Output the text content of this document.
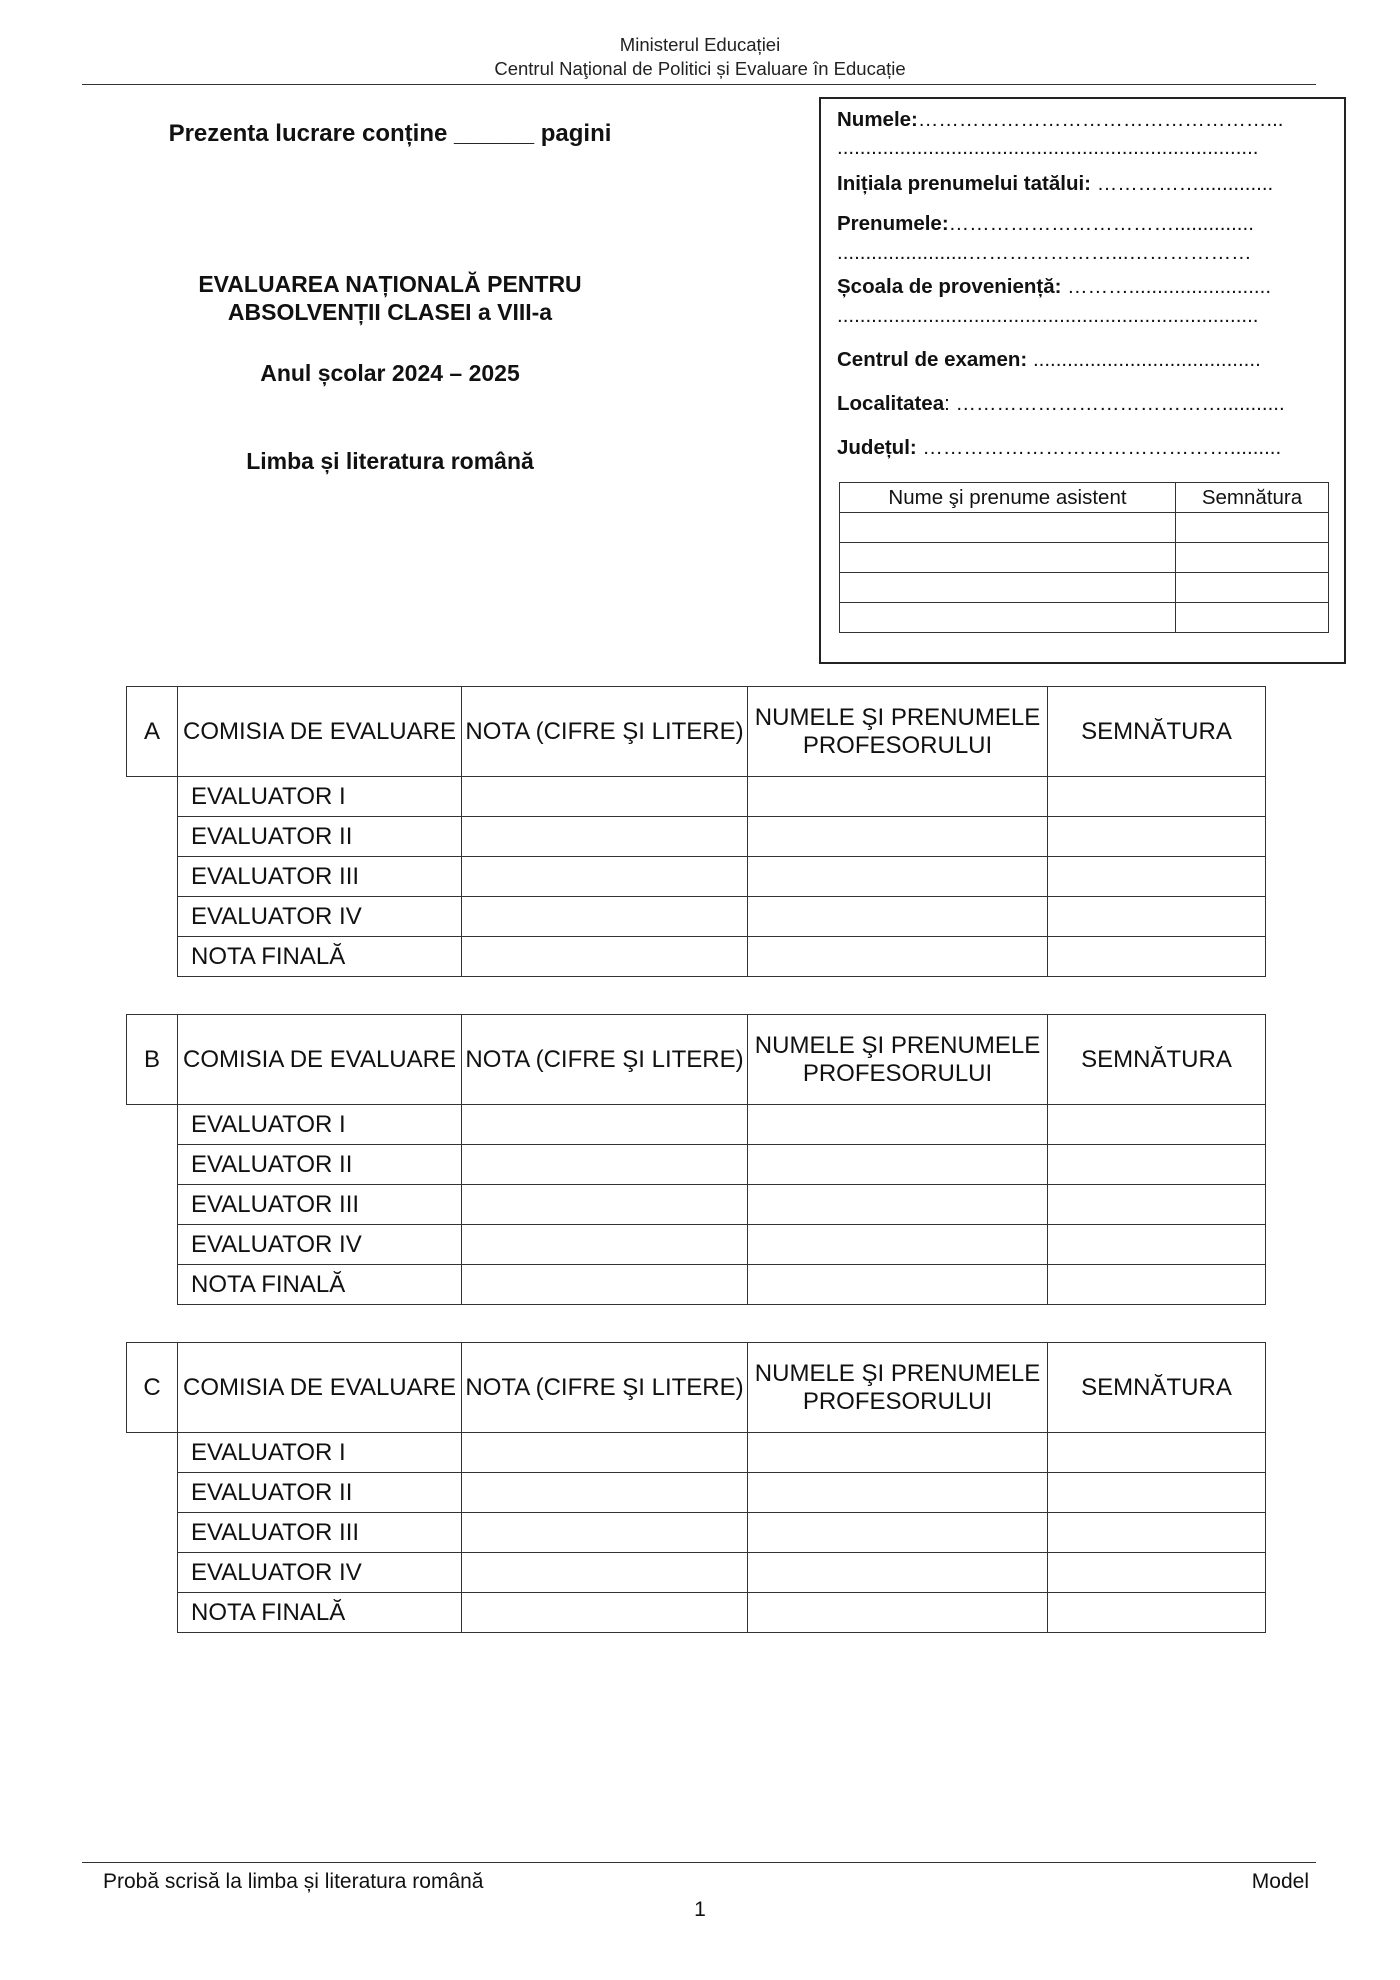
Ministerul Educației
Centrul Naţional de Politici și Evaluare în Educație
Prezenta lucrare conține ______ pagini
EVALUAREA NAȚIONALĂ PENTRU
ABSOLVENȚII CLASEI a VIII-a
Anul școlar 2024 – 2025
Limba și literatura română
Numele:……………………………………………...
..........................................................................
Inițiala prenumelui tatălui: …………….............
Prenumele:……………………………..............
.......................…………………...………………
Școala de proveniență: ……….........................
..........................................................................
Centrul de examen: ........................................
Localitatea: …………………………………...........
Județul: ……………………………………….........
Nume şi prenume asistent	Semnătura

A	COMISIA DE EVALUARE	NOTA (CIFRE ŞI LITERE)	NUMELE ŞI PRENUMELE PROFESORULUI	SEMNĂTURA
	EVALUATOR I			
	EVALUATOR II			
	EVALUATOR III			
	EVALUATOR IV			
	NOTA FINALĂ			
B	COMISIA DE EVALUARE	NOTA (CIFRE ŞI LITERE)	NUMELE ŞI PRENUMELE PROFESORULUI	SEMNĂTURA
	EVALUATOR I			
	EVALUATOR II			
	EVALUATOR III			
	EVALUATOR IV			
	NOTA FINALĂ			
C	COMISIA DE EVALUARE	NOTA (CIFRE ŞI LITERE)	NUMELE ŞI PRENUMELE PROFESORULUI	SEMNĂTURA
	EVALUATOR I			
	EVALUATOR II			
	EVALUATOR III			
	EVALUATOR IV			
	NOTA FINALĂ			
Probă scrisă la limba și literatura română	Model
1
